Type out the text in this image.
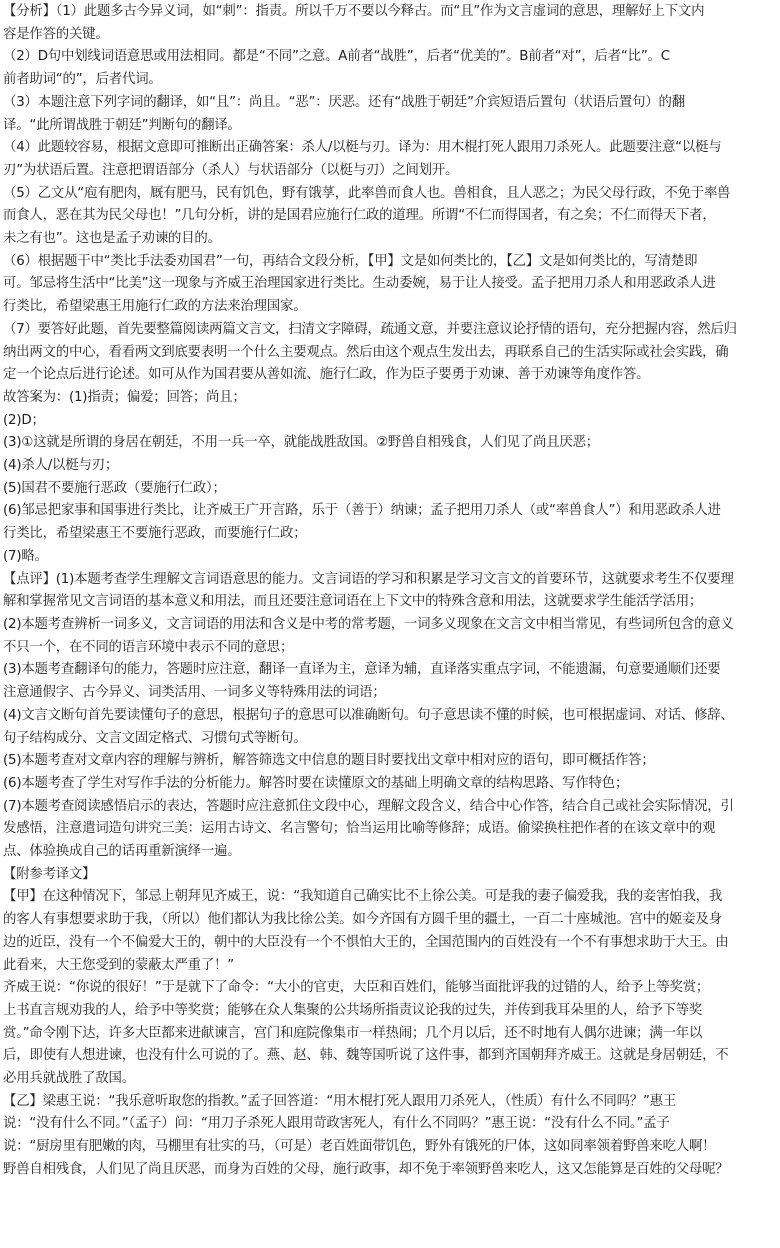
【分析】（1）此题多古今异义词，如“刺”：指责。所以千万不要以今释古。而“且”作为文言虚词的意思，理解好上下文内

容是作答的关键。

（2）D句中划线词语意思或用法相同。都是“不同”之意。A前者“战胜”，后者“优美的”。B前者“对”，后者“比”。C

前者助词“的”，后者代词。

（3）本题注意下列字词的翻译，如“且”：尚且。“恶”：厌恶。还有“战胜于朝廷”介宾短语后置句（状语后置句）的翻

译。“此所谓战胜于朝廷”判断句的翻译。

（4）此题较容易，根据文意即可推断出正确答案：杀人/以梃与刃。译为：用木棍打死人跟用刀杀死人。此题要注意“以梃与

刃”为状语后置。注意把谓语部分（杀人）与状语部分（以梃与刃）之间划开。

（5）乙文从“庖有肥肉，厩有肥马，民有饥色，野有饿莩，此率兽而食人也。兽相食，且人恶之；为民父母行政，不免于率兽

而食人，恶在其为民父母也！”几句分析，讲的是国君应施行仁政的道理。所谓“不仁而得国者，有之矣；不仁而得天下者，

未之有也”。这也是孟子劝谏的目的。

（6）根据题干中“类比手法委劝国君”一句，再结合文段分析，【甲】文是如何类比的，【乙】文是如何类比的，写清楚即

可。邹忌将生活中“比美”这一现象与齐威王治理国家进行类比。生动委婉，易于让人接受。孟子把用刀杀人和用恶政杀人进

行类比，希望梁惠王用施行仁政的方法来治理国家。

（7）要答好此题，首先要整篇阅读两篇文言文，扫清文字障碍，疏通文意，并要注意议论抒情的语句，充分把握内容，然后归

纳出两文的中心，看看两文到底要表明一个什么主要观点。然后由这个观点生发出去，再联系自己的生活实际或社会实践，确

定一个论点后进行论述。如可从作为国君要从善如流、施行仁政，作为臣子要勇于劝谏、善于劝谏等角度作答。

故答案为：(1)指责；偏爱；回答；尚且；

(2)D；

(3)①这就是所谓的身居在朝廷，不用一兵一卒，就能战胜敌国。②野兽自相残食，人们见了尚且厌恶；

(4)杀人/以梃与刃；

(5)国君不要施行恶政（要施行仁政）；

(6)邹忌把家事和国事进行类比，让齐威王广开言路，乐于（善于）纳谏；孟子把用刀杀人（或“率兽食人”）和用恶政杀人进

行类比，希望梁惠王不要施行恶政，而要施行仁政；

(7)略。

【点评】(1)本题考查学生理解文言词语意思的能力。文言词语的学习和积累是学习文言文的首要环节，这就要求考生不仅要理

解和掌握常见文言词语的基本意义和用法，而且还要注意词语在上下文中的特殊含意和用法，这就要求学生能活学活用；

(2)本题考查辨析一词多义，文言词语的用法和含义是中考的常考题，一词多义现象在文言文中相当常见，有些词所包含的意义

不只一个，在不同的语言环境中表示不同的意思；

(3)本题考查翻译句的能力，答题时应注意，翻译一直译为主，意译为辅，直译落实重点字词，不能遗漏，句意要通顺们还要

注意通假字、古今异义、词类活用、一词多义等特殊用法的词语；

(4)文言文断句首先要读懂句子的意思，根据句子的意思可以准确断句。句子意思读不懂的时候，也可根据虚词、对话、修辞、

句子结构成分、文言文固定格式、习惯句式等断句。

(5)本题考查对文章内容的理解与辨析，解答筛选文中信息的题目时要找出文章中相对应的语句，即可概括作答；

(6)本题考查了学生对写作手法的分析能力。解答时要在读懂原文的基础上明确文章的结构思路、写作特色；

(7)本题考查阅读感悟启示的表达，答题时应注意抓住文段中心，理解文段含义，结合中心作答，结合自己或社会实际情况，引

发感悟，注意遣词造句讲究三美：运用古诗文、名言警句；恰当运用比喻等修辞；成语。偷梁换柱把作者的在该文章中的观

点、体验换成自己的话再重新演绎一遍。

【附参考译文】

【甲】在这种情况下，邹忌上朝拜见齐威王，说：“我知道自己确实比不上徐公美。可是我的妻子偏爱我，我的妾害怕我，我

的客人有事想要求助于我，（所以）他们都认为我比徐公美。如今齐国有方圆千里的疆土，一百二十座城池。宫中的姬妾及身

边的近臣，没有一个不偏爱大王的，朝中的大臣没有一个不惧怕大王的，全国范围内的百姓没有一个不有事想求助于大王。由

此看来，大王您受到的蒙蔽太严重了！”

齐威王说：“你说的很好！”于是就下了命令：“大小的官吏，大臣和百姓们，能够当面批评我的过错的人，给予上等奖赏；

上书直言规劝我的人，给予中等奖赏；能够在众人集聚的公共场所指责议论我的过失，并传到我耳朵里的人，给予下等奖

赏。”命令刚下达，许多大臣都来进献谏言，宫门和庭院像集市一样热闹；几个月以后，还不时地有人偶尔进谏；满一年以

后，即使有人想进谏，也没有什么可说的了。燕、赵、韩、魏等国听说了这件事，都到齐国朝拜齐威王。这就是身居朝廷，不

必用兵就战胜了敌国。

【乙】梁惠王说：“我乐意听取您的指教。”孟子回答道：“用木棍打死人跟用刀杀死人，（性质）有什么不同吗？”惠王

说：“没有什么不同。”（孟子）问：“用刀子杀死人跟用苛政害死人，有什么不同吗？”惠王说：“没有什么不同。”孟子

说：“厨房里有肥嫩的肉，马棚里有壮实的马，（可是）老百姓面带饥色，野外有饿死的尸体，这如同率领着野兽来吃人啊！

野兽自相残食，人们见了尚且厌恶，而身为百姓的父母，施行政事，却不免于率领野兽来吃人，这又怎能算是百姓的父母呢？
